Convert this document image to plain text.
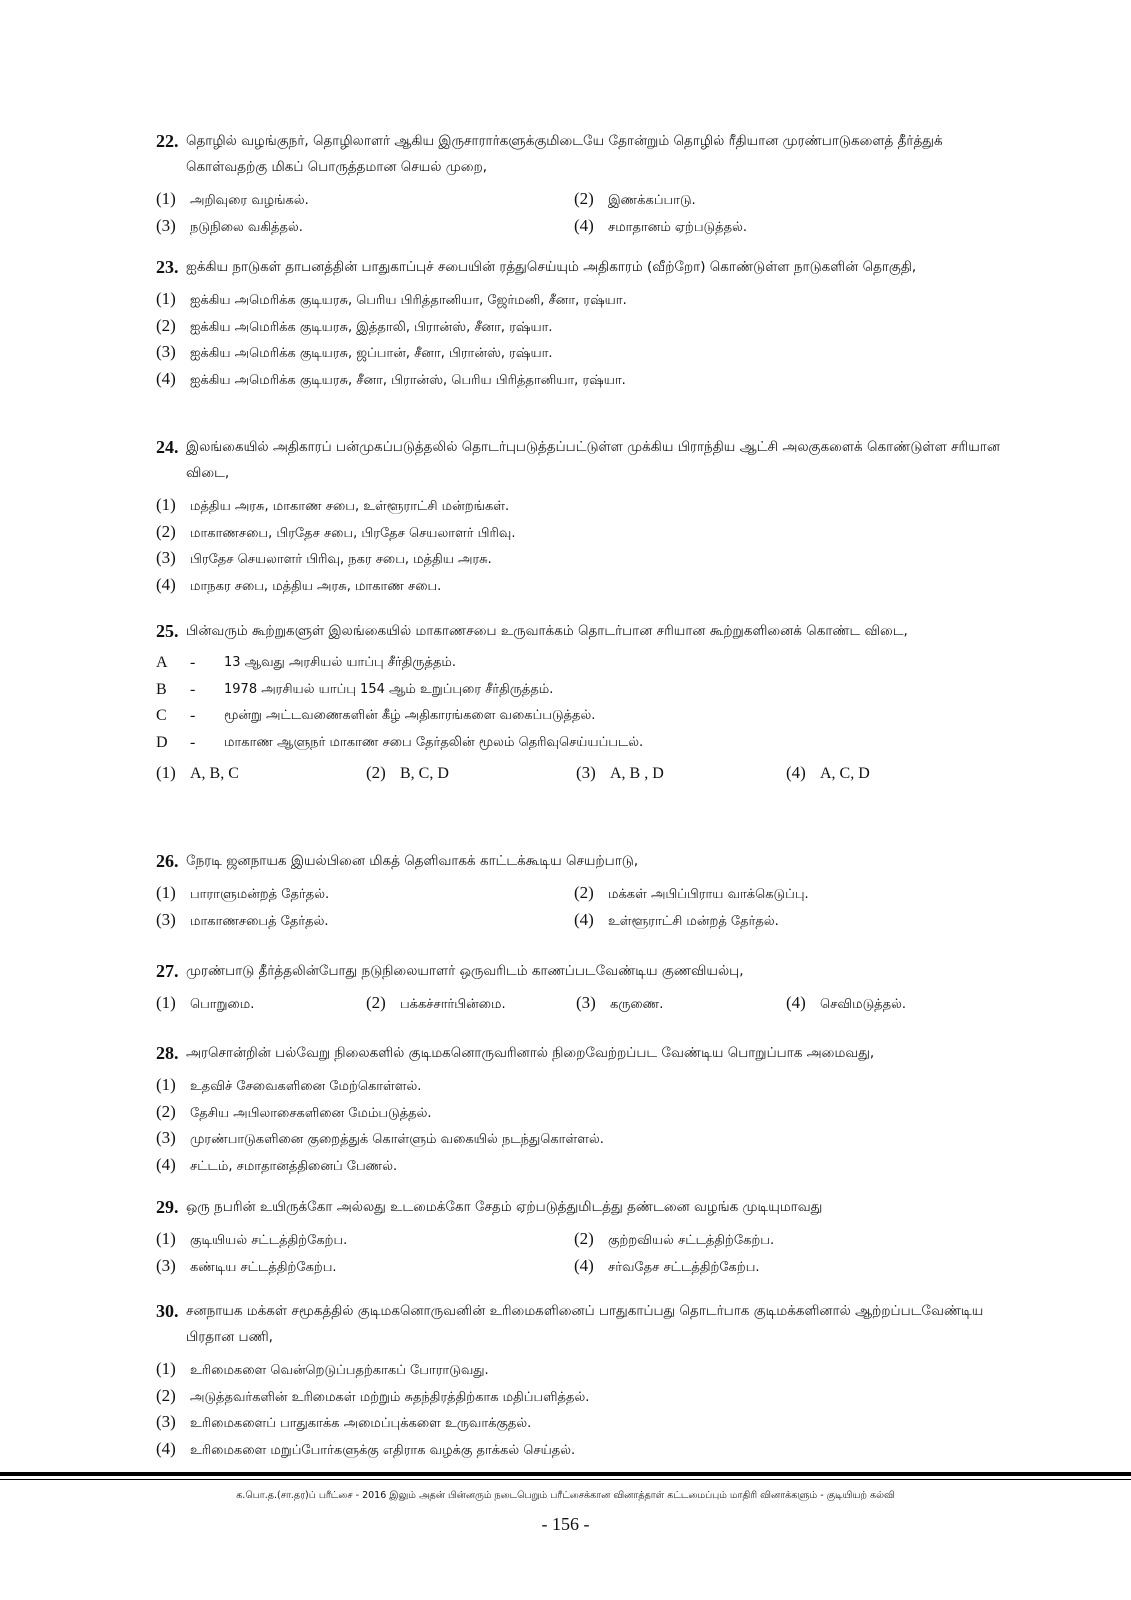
22. தொழில் வழங்குநர், தொழிலாளர் ஆகிய இருசாரார்களுக்குமிடையே தோன்றும் தொழில் ரீதியான முரண்பாடுகளைத் தீர்த்துக் கொள்வதற்கு மிகப் பொருத்தமான செயல் முறை,
(1) அறிவுரை வழங்கல்.	(2) இணக்கப்பாடு.
(3) நடுநிலை வகித்தல்.	(4) சமாதானம் ஏற்படுத்தல்.
23. ஐக்கிய நாடுகள் தாபனத்தின் பாதுகாப்புச் சபையின் ரத்துசெய்யும் அதிகாரம் (வீற்றோ) கொண்டுள்ள நாடுகளின் தொகுதி,
(1) ஐக்கிய அமெரிக்க குடியரசு, பெரிய பிரித்தானியா, ஜேர்மனி, சீனா, ரஷ்யா.
(2) ஐக்கிய அமெரிக்க குடியரசு, இத்தாலி, பிரான்ஸ், சீனா, ரஷ்யா.
(3) ஐக்கிய அமெரிக்க குடியரசு, ஜப்பான், சீனா, பிரான்ஸ், ரஷ்யா.
(4) ஐக்கிய அமெரிக்க குடியரசு, சீனா, பிரான்ஸ், பெரிய பிரித்தானியா, ரஷ்யா.
24. இலங்கையில் அதிகாரப் பன்முகப்படுத்தலில் தொடர்புபடுத்தப்பட்டுள்ள முக்கிய பிராந்திய ஆட்சி அலகுகளைக் கொண்டுள்ள சரியான விடை,
(1) மத்திய அரசு, மாகாண சபை, உள்ளூராட்சி மன்றங்கள்.
(2) மாகாணசபை, பிரதேச சபை, பிரதேச செயலாளர் பிரிவு.
(3) பிரதேச செயலாளர் பிரிவு, நகர சபை, மத்திய அரசு.
(4) மாநகர சபை, மத்திய அரசு, மாகாண சபை.
25. பின்வரும் கூற்றுகளுள் இலங்கையில் மாகாணசபை உருவாக்கம் தொடர்பான சரியான கூற்றுகளினைக் கொண்ட விடை,
A	-	13 ஆவது அரசியல் யாப்பு சீர்திருத்தம்.
B	-	1978 அரசியல் யாப்பு 154 ஆம் உறுப்புரை சீர்திருத்தம்.
C	-	மூன்று அட்டவணைகளின் கீழ் அதிகாரங்களை வகைப்படுத்தல்.
D	-	மாகாண ஆளுநர் மாகாண சபை தேர்தலின் மூலம் தெரிவுசெய்யப்படல்.
(1) A, B, C	(2) B, C, D	(3) A, B , D	(4) A, C, D
26. நேரடி ஜனநாயக இயல்பினை மிகத் தெளிவாகக் காட்டக்கூடிய செயற்பாடு,
(1) பாராளுமன்றத் தேர்தல்.	(2) மக்கள் அபிப்பிராய வாக்கெடுப்பு.
(3) மாகாணசபைத் தேர்தல்.	(4) உள்ளூராட்சி மன்றத் தேர்தல்.
27. முரண்பாடு தீர்த்தலின்போது நடுநிலையாளர் ஒருவரிடம் காணப்படவேண்டிய குணவியல்பு,
(1) பொறுமை.	(2) பக்கச்சார்பின்மை.	(3) கருணை.	(4) செவிமடுத்தல்.
28. அரசொன்றின் பல்வேறு நிலைகளில் குடிமகனொருவரினால் நிறைவேற்றப்பட வேண்டிய பொறுப்பாக அமைவது,
(1) உதவிச் சேவைகளினை மேற்கொள்ளல்.
(2) தேசிய அபிலாசைகளினை மேம்படுத்தல்.
(3) முரண்பாடுகளினை குறைத்துக் கொள்ளும் வகையில் நடந்துகொள்ளல்.
(4) சட்டம், சமாதானத்தினைப் பேணல்.
29. ஒரு நபரின் உயிருக்கோ அல்லது உடமைக்கோ சேதம் ஏற்படுத்துமிடத்து தண்டனை வழங்க முடியுமாவது
(1) குடியியல் சட்டத்திற்கேற்ப.	(2) குற்றவியல் சட்டத்திற்கேற்ப.
(3) கண்டிய சட்டத்திற்கேற்ப.	(4) சர்வதேச சட்டத்திற்கேற்ப.
30. சனநாயக மக்கள் சமூகத்தில் குடிமகனொருவனின் உரிமைகளினைப் பாதுகாப்பது தொடர்பாக குடிமக்களினால் ஆற்றப்படவேண்டிய பிரதான பணி,
(1) உரிமைகளை வென்றெடுப்பதற்காகப் போராடுவது.
(2) அடுத்தவர்களின் உரிமைகள் மற்றும் சுதந்திரத்திற்காக மதிப்பளித்தல்.
(3) உரிமைகளைப் பாதுகாக்க அமைப்புக்களை உருவாக்குதல்.
(4) உரிமைகளை மறுப்போர்களுக்கு எதிராக வழக்கு தாக்கல் செய்தல்.
க.பொ.த.(சா.தர)ப் பரீட்சை - 2016 இலும் அதன் பின்னரும் நடைபெறும் பரீட்சைக்கான வினாத்தாள் கட்டமைப்பும் மாதிரி வினாக்களும் - குடியியற் கல்வி
- 156 -
